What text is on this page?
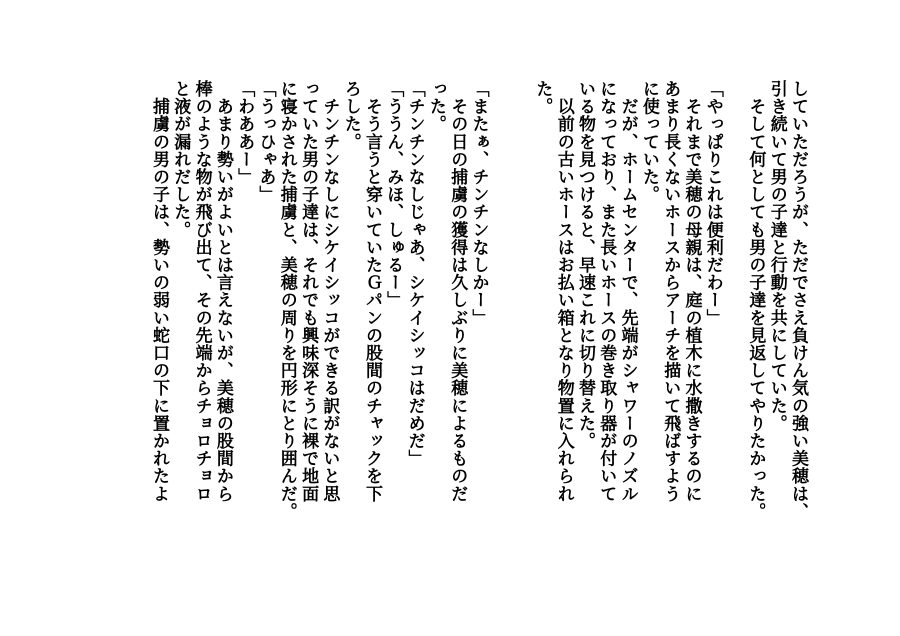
していただろうが、ただでさえ負けん気の強い美穂は、
引き続いて男の子達と行動を共にしていた。
　そして何としても男の子達を見返してやりたかった。
「やっぱりこれは便利だわー」
　それまで美穂の母親は、庭の植木に水撒きするのに
あまり長くないホースからアーチを描いて飛ばすよう
に使っていた。
　だが、ホームセンターで、先端がシャワーのノズル
になっており、また長いホースの巻き取り器が付いて
いる物を見つけると、早速これに切り替えた。
　以前の古いホースはお払い箱となり物置に入れられ
た。
「またぁ、チンチンなしかー」
　その日の捕虜の獲得は久しぶりに美穂によるものだ
った。
「チンチンなしじゃあ、シケイシッコはだめだ」
「ううん、みほ、しゅるー」
　そう言うと穿いていたＧパンの股間のチャックを下
ろした。
　チンチンなしにシケイシッコができる訳がないと思
っていた男の子達は、それでも興味深そうに裸で地面
に寝かされた捕虜と、美穂の周りを円形にとり囲んだ。
「うっひゃあ」
「わああー」
　あまり勢いがよいとは言えないが、美穂の股間から
棒のような物が飛び出て、その先端からチョロチョロ
と液が漏れだした。
　捕虜の男の子は、勢いの弱い蛇口の下に置かれたよ
